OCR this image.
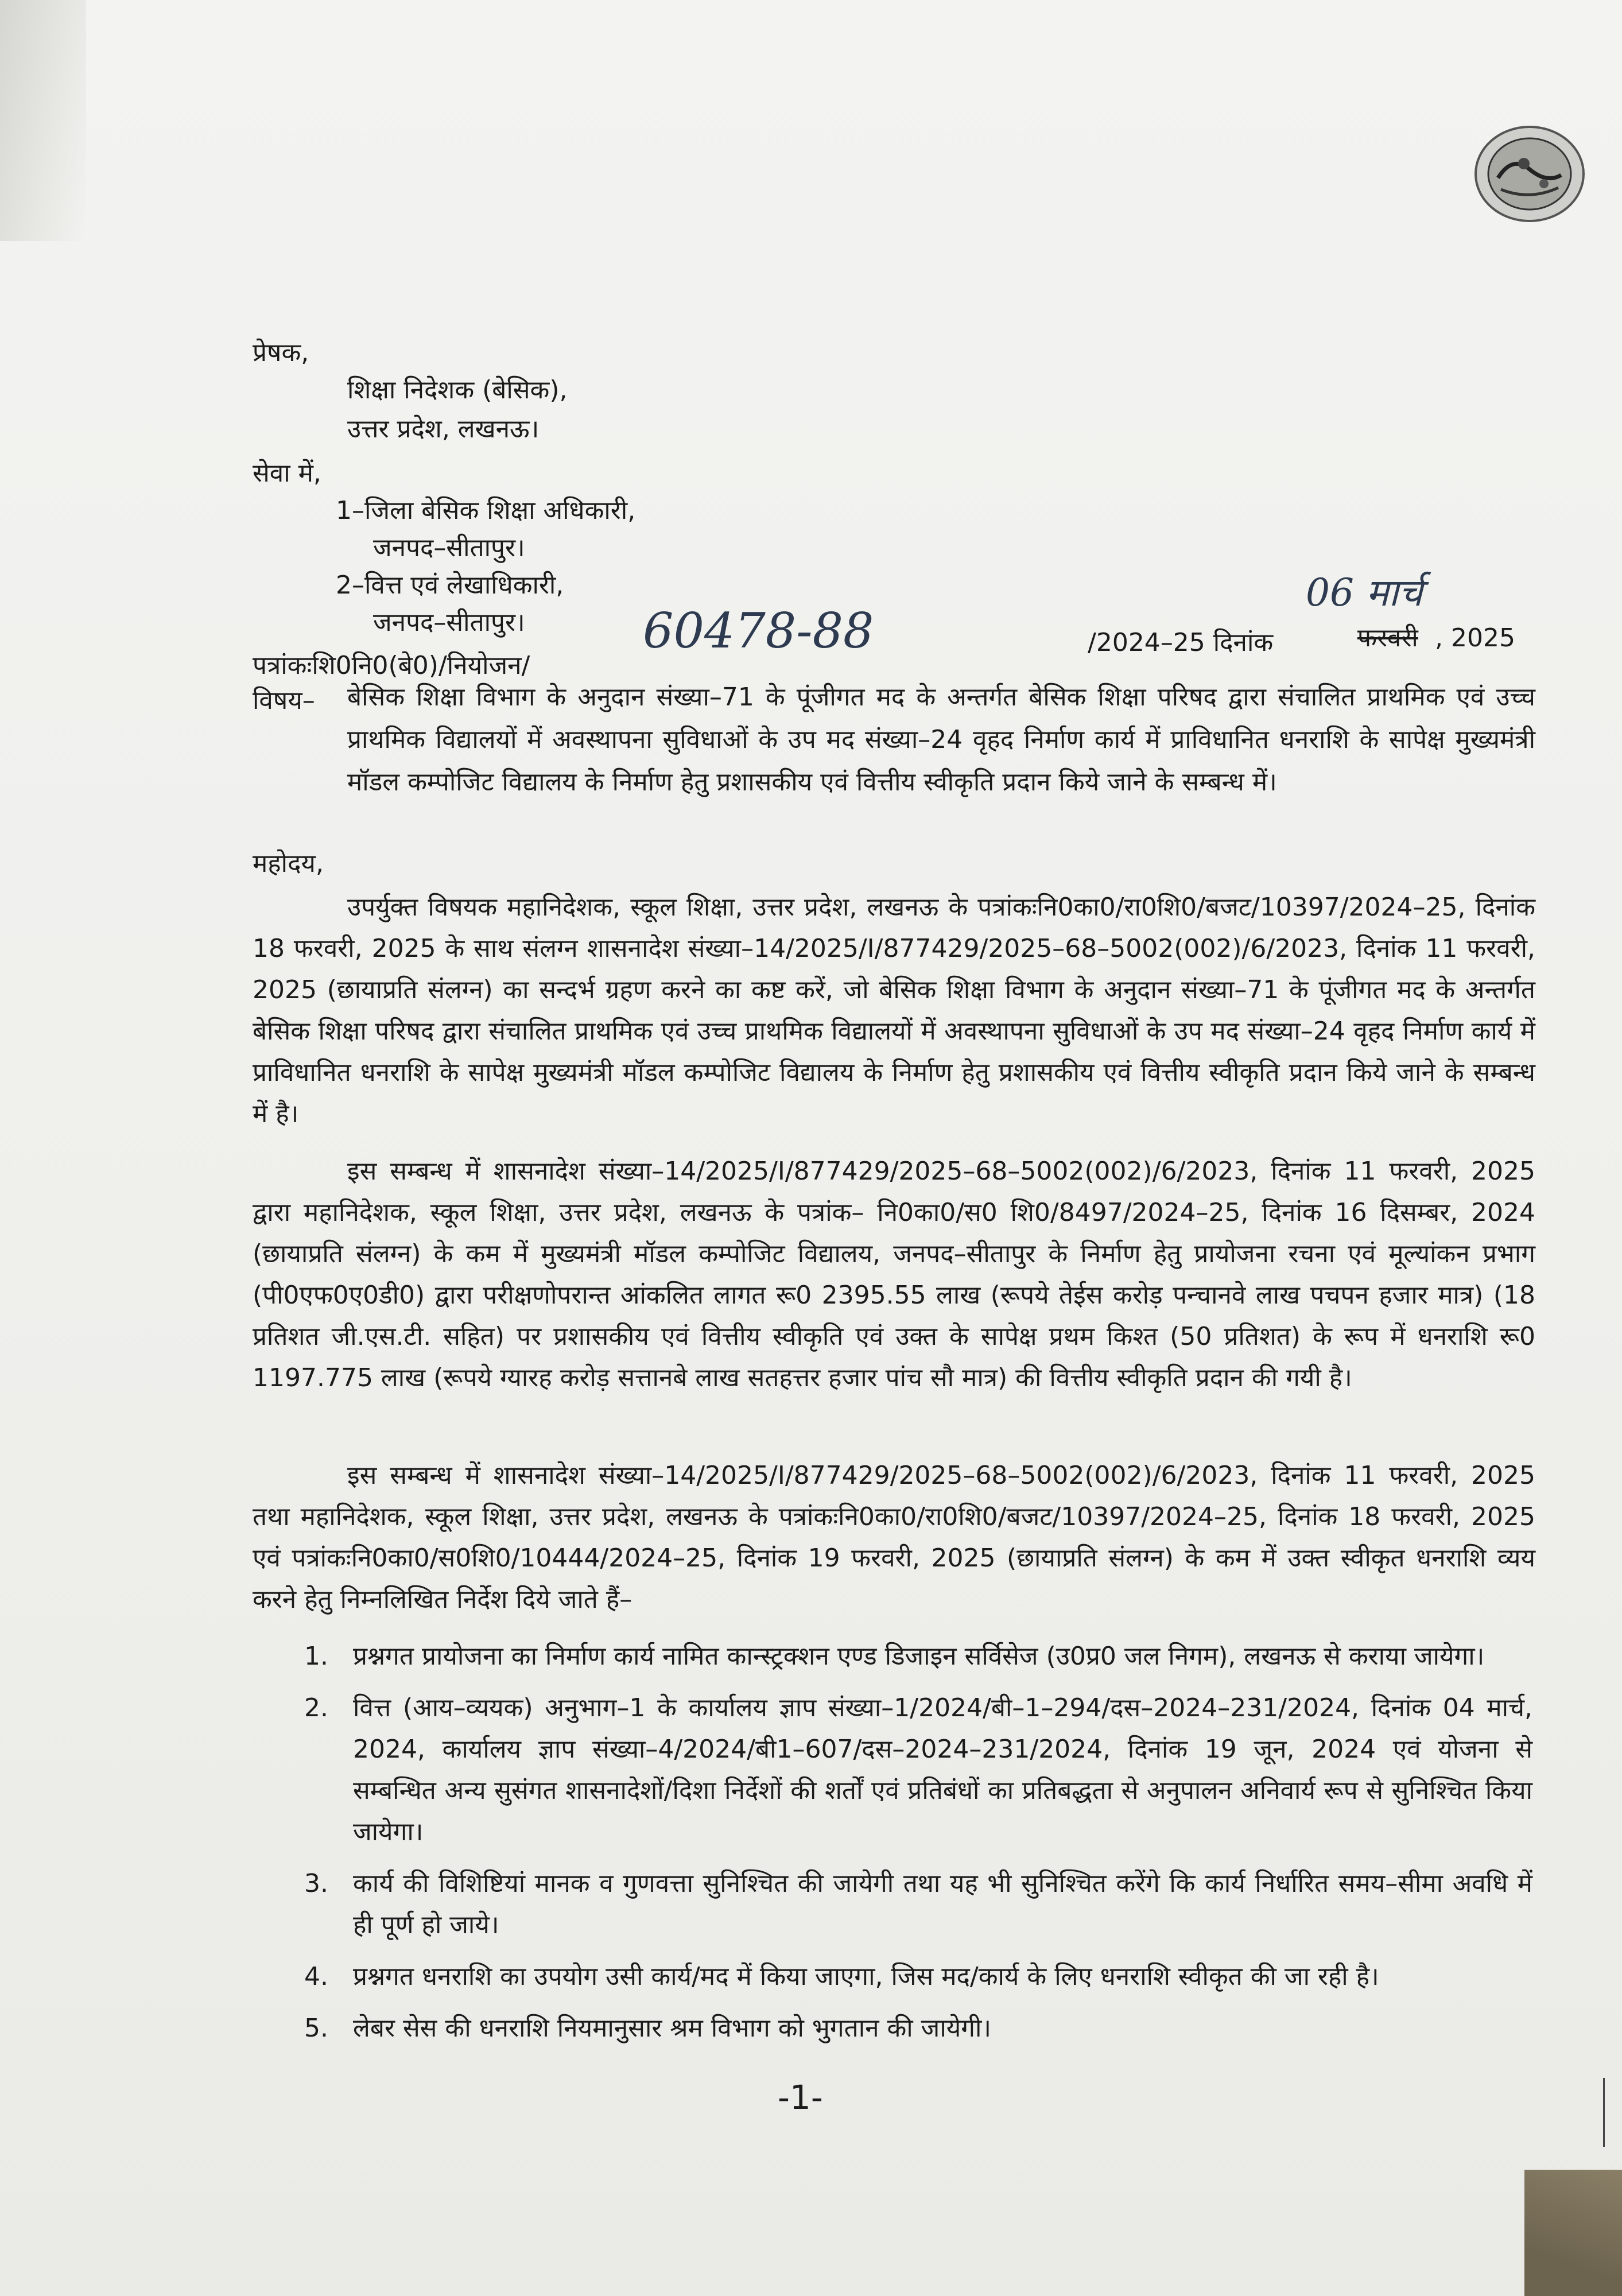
प्रेषक,
शिक्षा निदेशक (बेसिक),
उत्तर प्रदेश, लखनऊ।
सेवा में,
1–जिला बेसिक शिक्षा अधिकारी,
जनपद–सीतापुर।
2–वित्त एवं लेखाधिकारी,
जनपद–सीतापुर।
पत्रांकःशि0नि0(बे0)/नियोजन/
60478-88	/2024–25 दिनांक
06 मार्च
फरवरी , 2025
विषय– बेसिक शिक्षा विभाग के अनुदान संख्या–71 के पूंजीगत मद के अन्तर्गत बेसिक शिक्षा परिषद द्वारा संचालित प्राथमिक एवं उच्च प्राथमिक विद्यालयों में अवस्थापना सुविधाओं के उप मद संख्या–24 वृहद निर्माण कार्य में प्राविधानित धनराशि के सापेक्ष मुख्यमंत्री मॉडल कम्पोजिट विद्यालय के निर्माण हेतु प्रशासकीय एवं वित्तीय स्वीकृति प्रदान किये जाने के सम्बन्ध में।
महोदय,
उपर्युक्त विषयक महानिदेशक, स्कूल शिक्षा, उत्तर प्रदेश, लखनऊ के पत्रांकःनि0का0/रा0शि0/बजट/10397/2024–25, दिनांक 18 फरवरी, 2025 के साथ संलग्न शासनादेश संख्या–14/2025/I/877429/2025–68–5002(002)/6/2023, दिनांक 11 फरवरी, 2025 (छायाप्रति संलग्न) का सन्दर्भ ग्रहण करने का कष्ट करें, जो बेसिक शिक्षा विभाग के अनुदान संख्या–71 के पूंजीगत मद के अन्तर्गत बेसिक शिक्षा परिषद द्वारा संचालित प्राथमिक एवं उच्च प्राथमिक विद्यालयों में अवस्थापना सुविधाओं के उप मद संख्या–24 वृहद निर्माण कार्य में प्राविधानित धनराशि के सापेक्ष मुख्यमंत्री मॉडल कम्पोजिट विद्यालय के निर्माण हेतु प्रशासकीय एवं वित्तीय स्वीकृति प्रदान किये जाने के सम्बन्ध में है।
इस सम्बन्ध में शासनादेश संख्या–14/2025/I/877429/2025–68–5002(002)/6/2023, दिनांक 11 फरवरी, 2025 द्वारा महानिदेशक, स्कूल शिक्षा, उत्तर प्रदेश, लखनऊ के पत्रांक– नि0का0/स0 शि0/8497/2024–25, दिनांक 16 दिसम्बर, 2024 (छायाप्रति संलग्न) के कम में मुख्यमंत्री मॉडल कम्पोजिट विद्यालय, जनपद–सीतापुर के निर्माण हेतु प्रायोजना रचना एवं मूल्यांकन प्रभाग (पी0एफ0ए0डी0) द्वारा परीक्षणोपरान्त आंकलित लागत रू0 2395.55 लाख (रूपये तेईस करोड़ पन्चानवे लाख पचपन हजार मात्र) (18 प्रतिशत जी.एस.टी. सहित) पर प्रशासकीय एवं वित्तीय स्वीकृति एवं उक्त के सापेक्ष प्रथम किश्त (50 प्रतिशत) के रूप में धनराशि रू0 1197.775 लाख (रूपये ग्यारह करोड़ सत्तानबे लाख सतहत्तर हजार पांच सौ मात्र) की वित्तीय स्वीकृति प्रदान की गयी है।
इस सम्बन्ध में शासनादेश संख्या–14/2025/I/877429/2025–68–5002(002)/6/2023, दिनांक 11 फरवरी, 2025 तथा महानिदेशक, स्कूल शिक्षा, उत्तर प्रदेश, लखनऊ के पत्रांकःनि0का0/रा0शि0/बजट/10397/2024–25, दिनांक 18 फरवरी, 2025 एवं पत्रांकःनि0का0/स0शि0/10444/2024–25, दिनांक 19 फरवरी, 2025 (छायाप्रति संलग्न) के कम में उक्त स्वीकृत धनराशि व्यय करने हेतु निम्नलिखित निर्देश दिये जाते हैं–
1. प्रश्नगत प्रायोजना का निर्माण कार्य नामित कान्स्ट्रक्शन एण्ड डिजाइन सर्विसेज (उ0प्र0 जल निगम), लखनऊ से कराया जायेगा।
2. वित्त (आय–व्ययक) अनुभाग–1 के कार्यालय ज्ञाप संख्या–1/2024/बी–1–294/दस–2024–231/2024, दिनांक 04 मार्च, 2024, कार्यालय ज्ञाप संख्या–4/2024/बी1–607/दस–2024–231/2024, दिनांक 19 जून, 2024 एवं योजना से सम्बन्धित अन्य सुसंगत शासनादेशों/दिशा निर्देशों की शर्तों एवं प्रतिबंधों का प्रतिबद्धता से अनुपालन अनिवार्य रूप से सुनिश्चित किया जायेगा।
3. कार्य की विशिष्टियां मानक व गुणवत्ता सुनिश्चित की जायेगी तथा यह भी सुनिश्चित करेंगे कि कार्य निर्धारित समय–सीमा अवधि में ही पूर्ण हो जाये।
4. प्रश्नगत धनराशि का उपयोग उसी कार्य/मद में किया जाएगा, जिस मद/कार्य के लिए धनराशि स्वीकृत की जा रही है।
5. लेबर सेस की धनराशि नियमानुसार श्रम विभाग को भुगतान की जायेगी।
-1-
